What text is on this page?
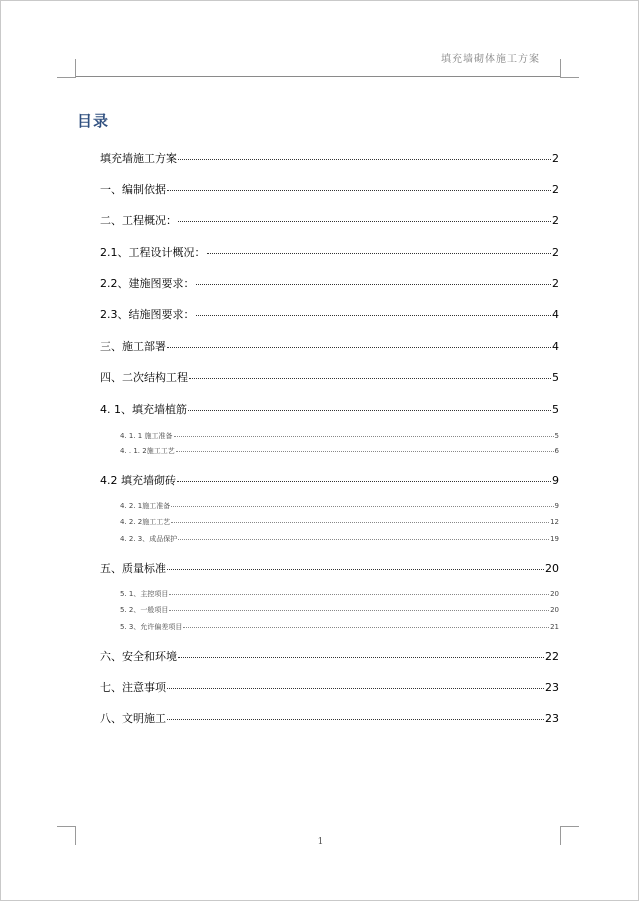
填充墙砌体施工方案
目录
填充墙施工方案	2
一、编制依据	2
二、工程概况：	2
2.1、工程设计概况：	2
2.2、建施图要求：	2
2.3、结施图要求：	4
三、施工部署	4
四、二次结构工程	5
4. 1、填充墙植筋	5
4. 1. 1 施工准备	5
4. . 1. 2施工工艺	6
4.2 填充墙砌砖	9
4. 2. 1施工准备	9
4. 2. 2施工工艺	12
4. 2. 3、成品保护	19
五、质量标准	20
5. 1、主控项目	20
5. 2、一般项目	20
5. 3、允许偏差项目	21
六、安全和环境	22
七、注意事项	23
八、文明施工	23
1
